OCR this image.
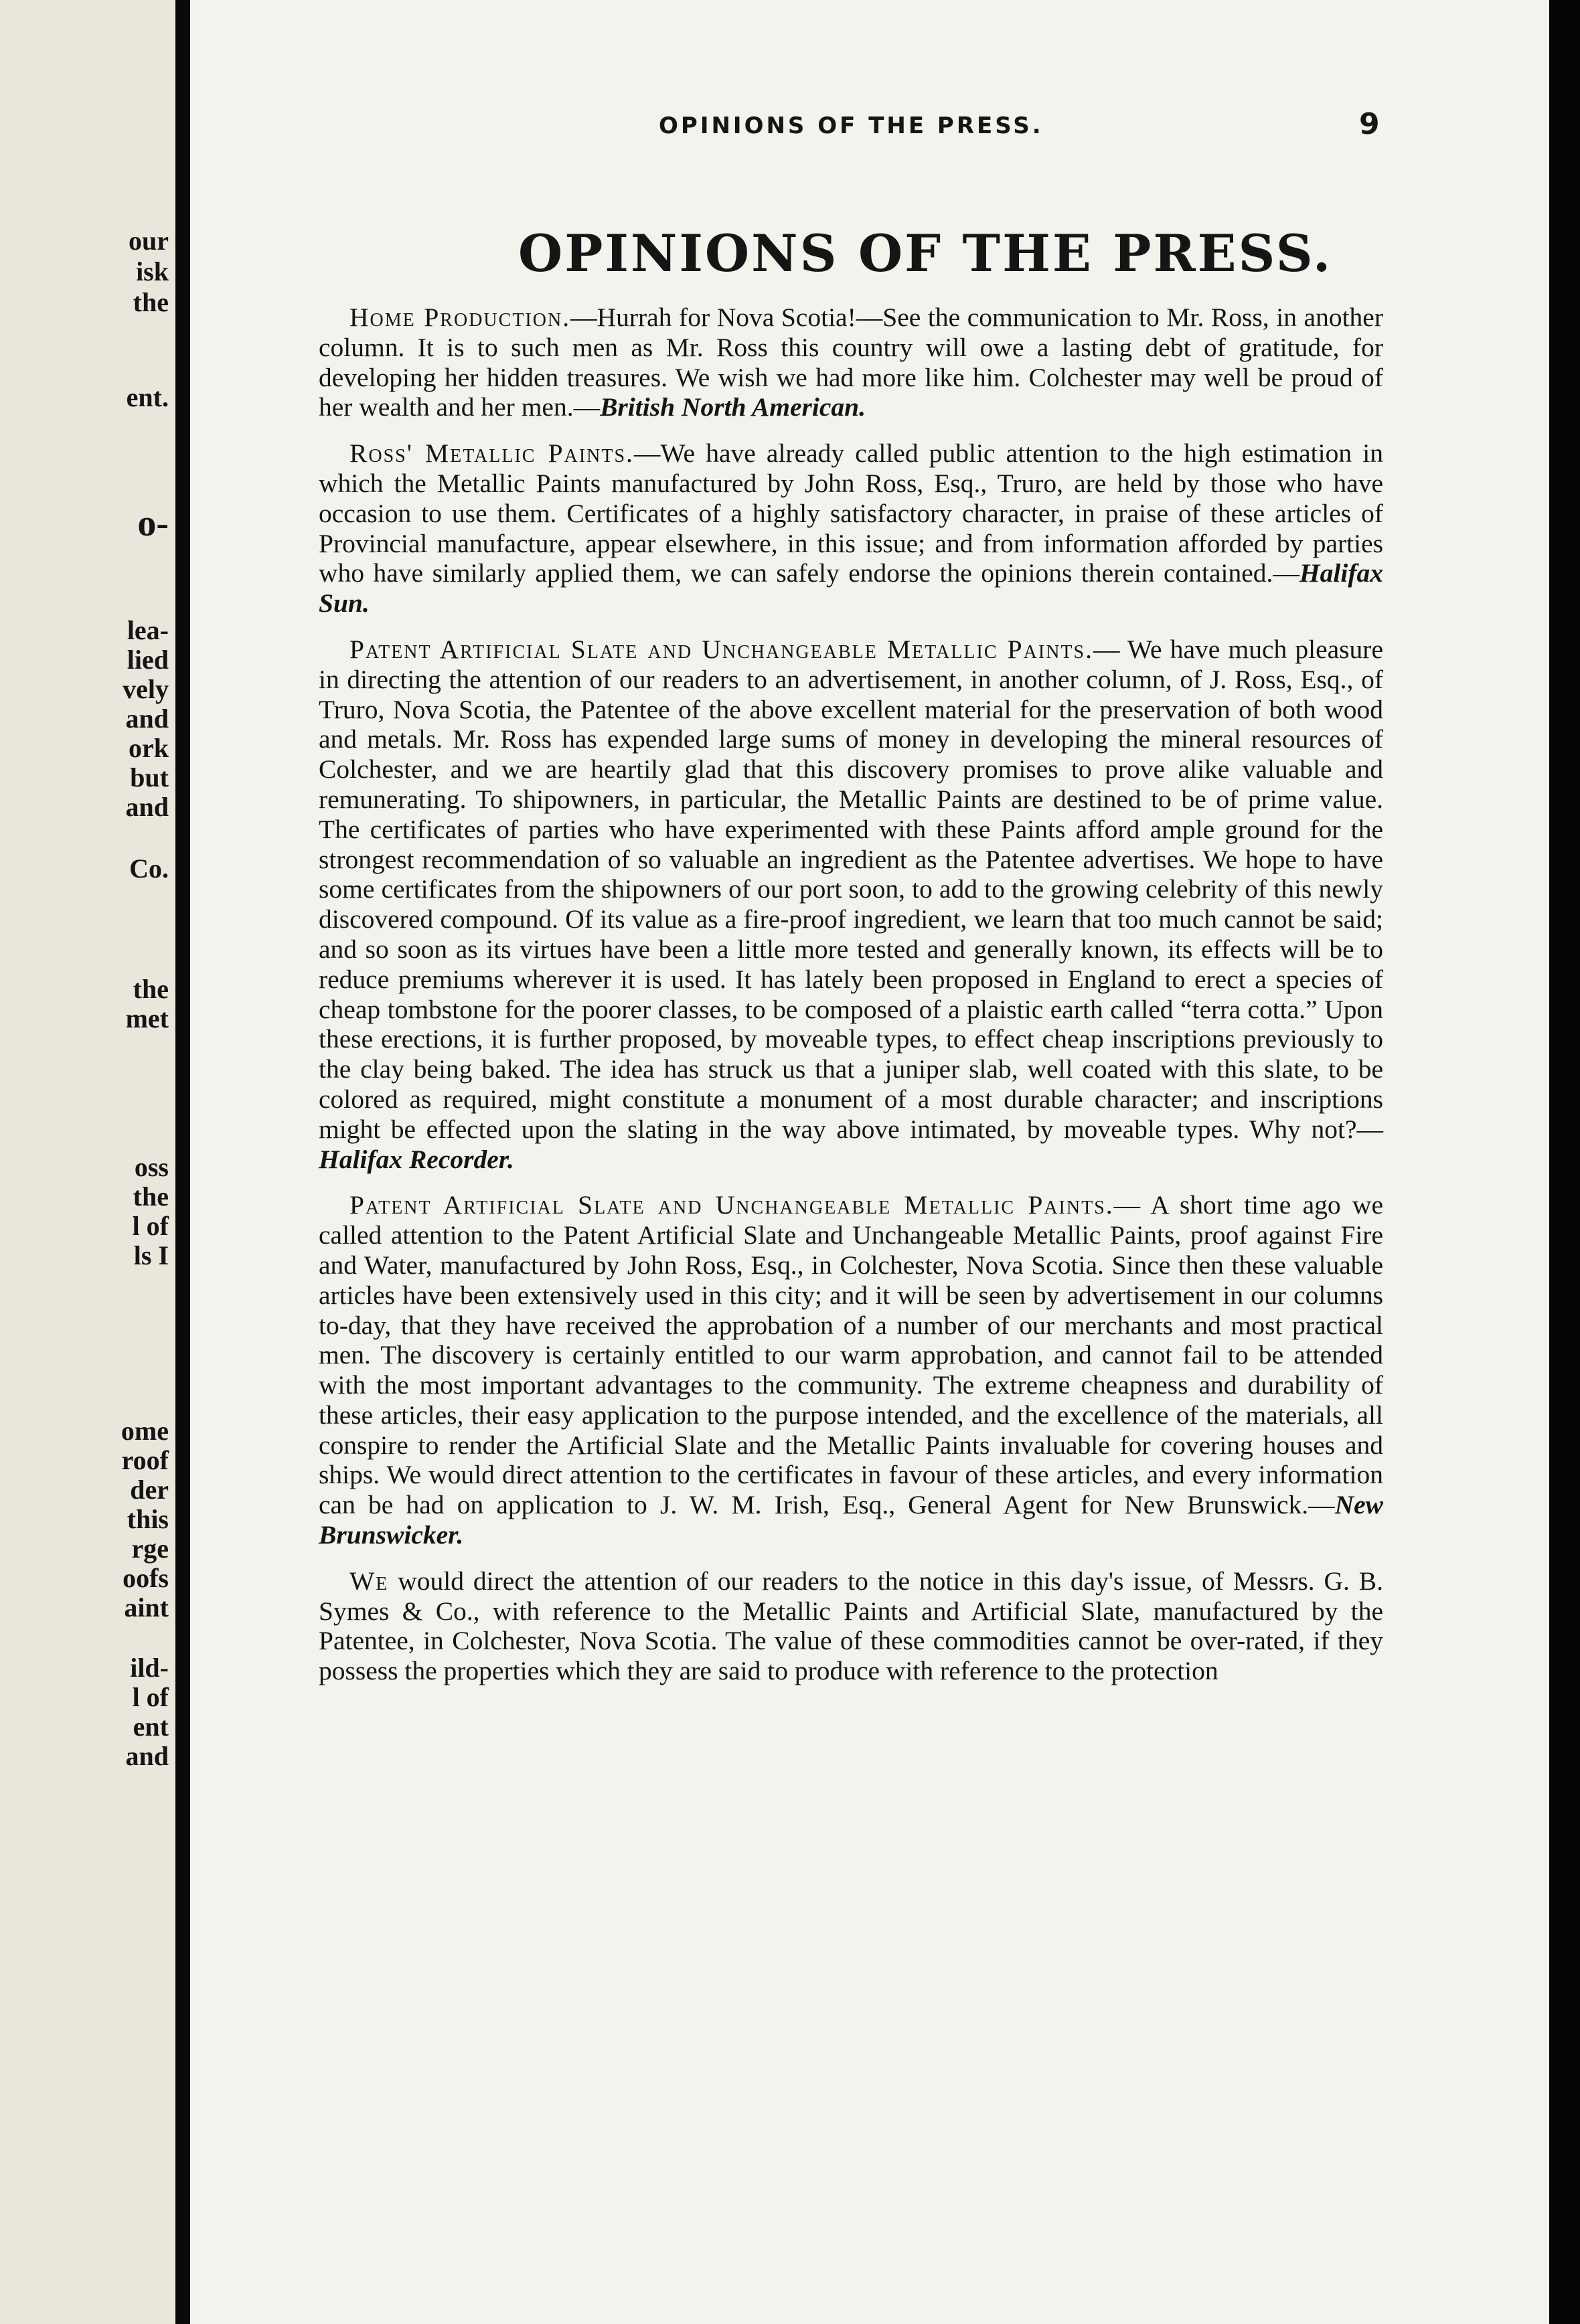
our

isk

the

ent.

o-

lea-

lied

vely

and

ork

but

and

Co.

the

met

oss

the

l of

ls I

ome

roof

der

this

rge

oofs

aint

ild-

l of

ent

and

OPINIONS OF THE PRESS.	9

OPINIONS OF THE PRESS.

Home Production.—Hurrah for Nova Scotia!—See the communication to Mr. Ross, in another column. It is to such men as Mr. Ross this country will owe a lasting debt of gratitude, for developing her hidden treasures. We wish we had more like him. Colchester may well be proud of her wealth and her men.—British North American.

Ross' Metallic Paints.—We have already called public attention to the high estimation in which the Metallic Paints manufactured by John Ross, Esq., Truro, are held by those who have occasion to use them. Certificates of a highly satisfactory character, in praise of these articles of Provincial manufacture, appear elsewhere, in this issue; and from information afforded by parties who have similarly applied them, we can safely endorse the opinions therein contained.—Halifax Sun.

Patent Artificial Slate and Unchangeable Metallic Paints.— We have much pleasure in directing the attention of our readers to an advertisement, in another column, of J. Ross, Esq., of Truro, Nova Scotia, the Patentee of the above excellent material for the preservation of both wood and metals. Mr. Ross has expended large sums of money in developing the mineral resources of Colchester, and we are heartily glad that this discovery promises to prove alike valuable and remunerating. To shipowners, in particular, the Metallic Paints are destined to be of prime value. The certificates of parties who have experimented with these Paints afford ample ground for the strongest recommendation of so valuable an ingredient as the Patentee advertises. We hope to have some certificates from the shipowners of our port soon, to add to the growing celebrity of this newly discovered compound. Of its value as a fire-proof ingredient, we learn that too much cannot be said; and so soon as its virtues have been a little more tested and generally known, its effects will be to reduce premiums wherever it is used. It has lately been proposed in England to erect a species of cheap tombstone for the poorer classes, to be composed of a plaistic earth called “terra cotta.” Upon these erections, it is further proposed, by moveable types, to effect cheap inscriptions previously to the clay being baked. The idea has struck us that a juniper slab, well coated with this slate, to be colored as required, might constitute a monument of a most durable character; and inscriptions might be effected upon the slating in the way above intimated, by moveable types. Why not?—Halifax Recorder.

Patent Artificial Slate and Unchangeable Metallic Paints.— A short time ago we called attention to the Patent Artificial Slate and Unchangeable Metallic Paints, proof against Fire and Water, manufactured by John Ross, Esq., in Colchester, Nova Scotia. Since then these valuable articles have been extensively used in this city; and it will be seen by advertisement in our columns to-day, that they have received the approbation of a number of our merchants and most practical men. The discovery is certainly entitled to our warm approbation, and cannot fail to be attended with the most important advantages to the community. The extreme cheapness and durability of these articles, their easy application to the purpose intended, and the excellence of the materials, all conspire to render the Artificial Slate and the Metallic Paints invaluable for covering houses and ships. We would direct attention to the certificates in favour of these articles, and every information can be had on application to J. W. M. Irish, Esq., General Agent for New Brunswick.—New Brunswicker.

We would direct the attention of our readers to the notice in this day's issue, of Messrs. G. B. Symes & Co., with reference to the Metallic Paints and Artificial Slate, manufactured by the Patentee, in Colchester, Nova Scotia. The value of these commodities cannot be over-rated, if they possess the properties which they are said to produce with reference to the protection
